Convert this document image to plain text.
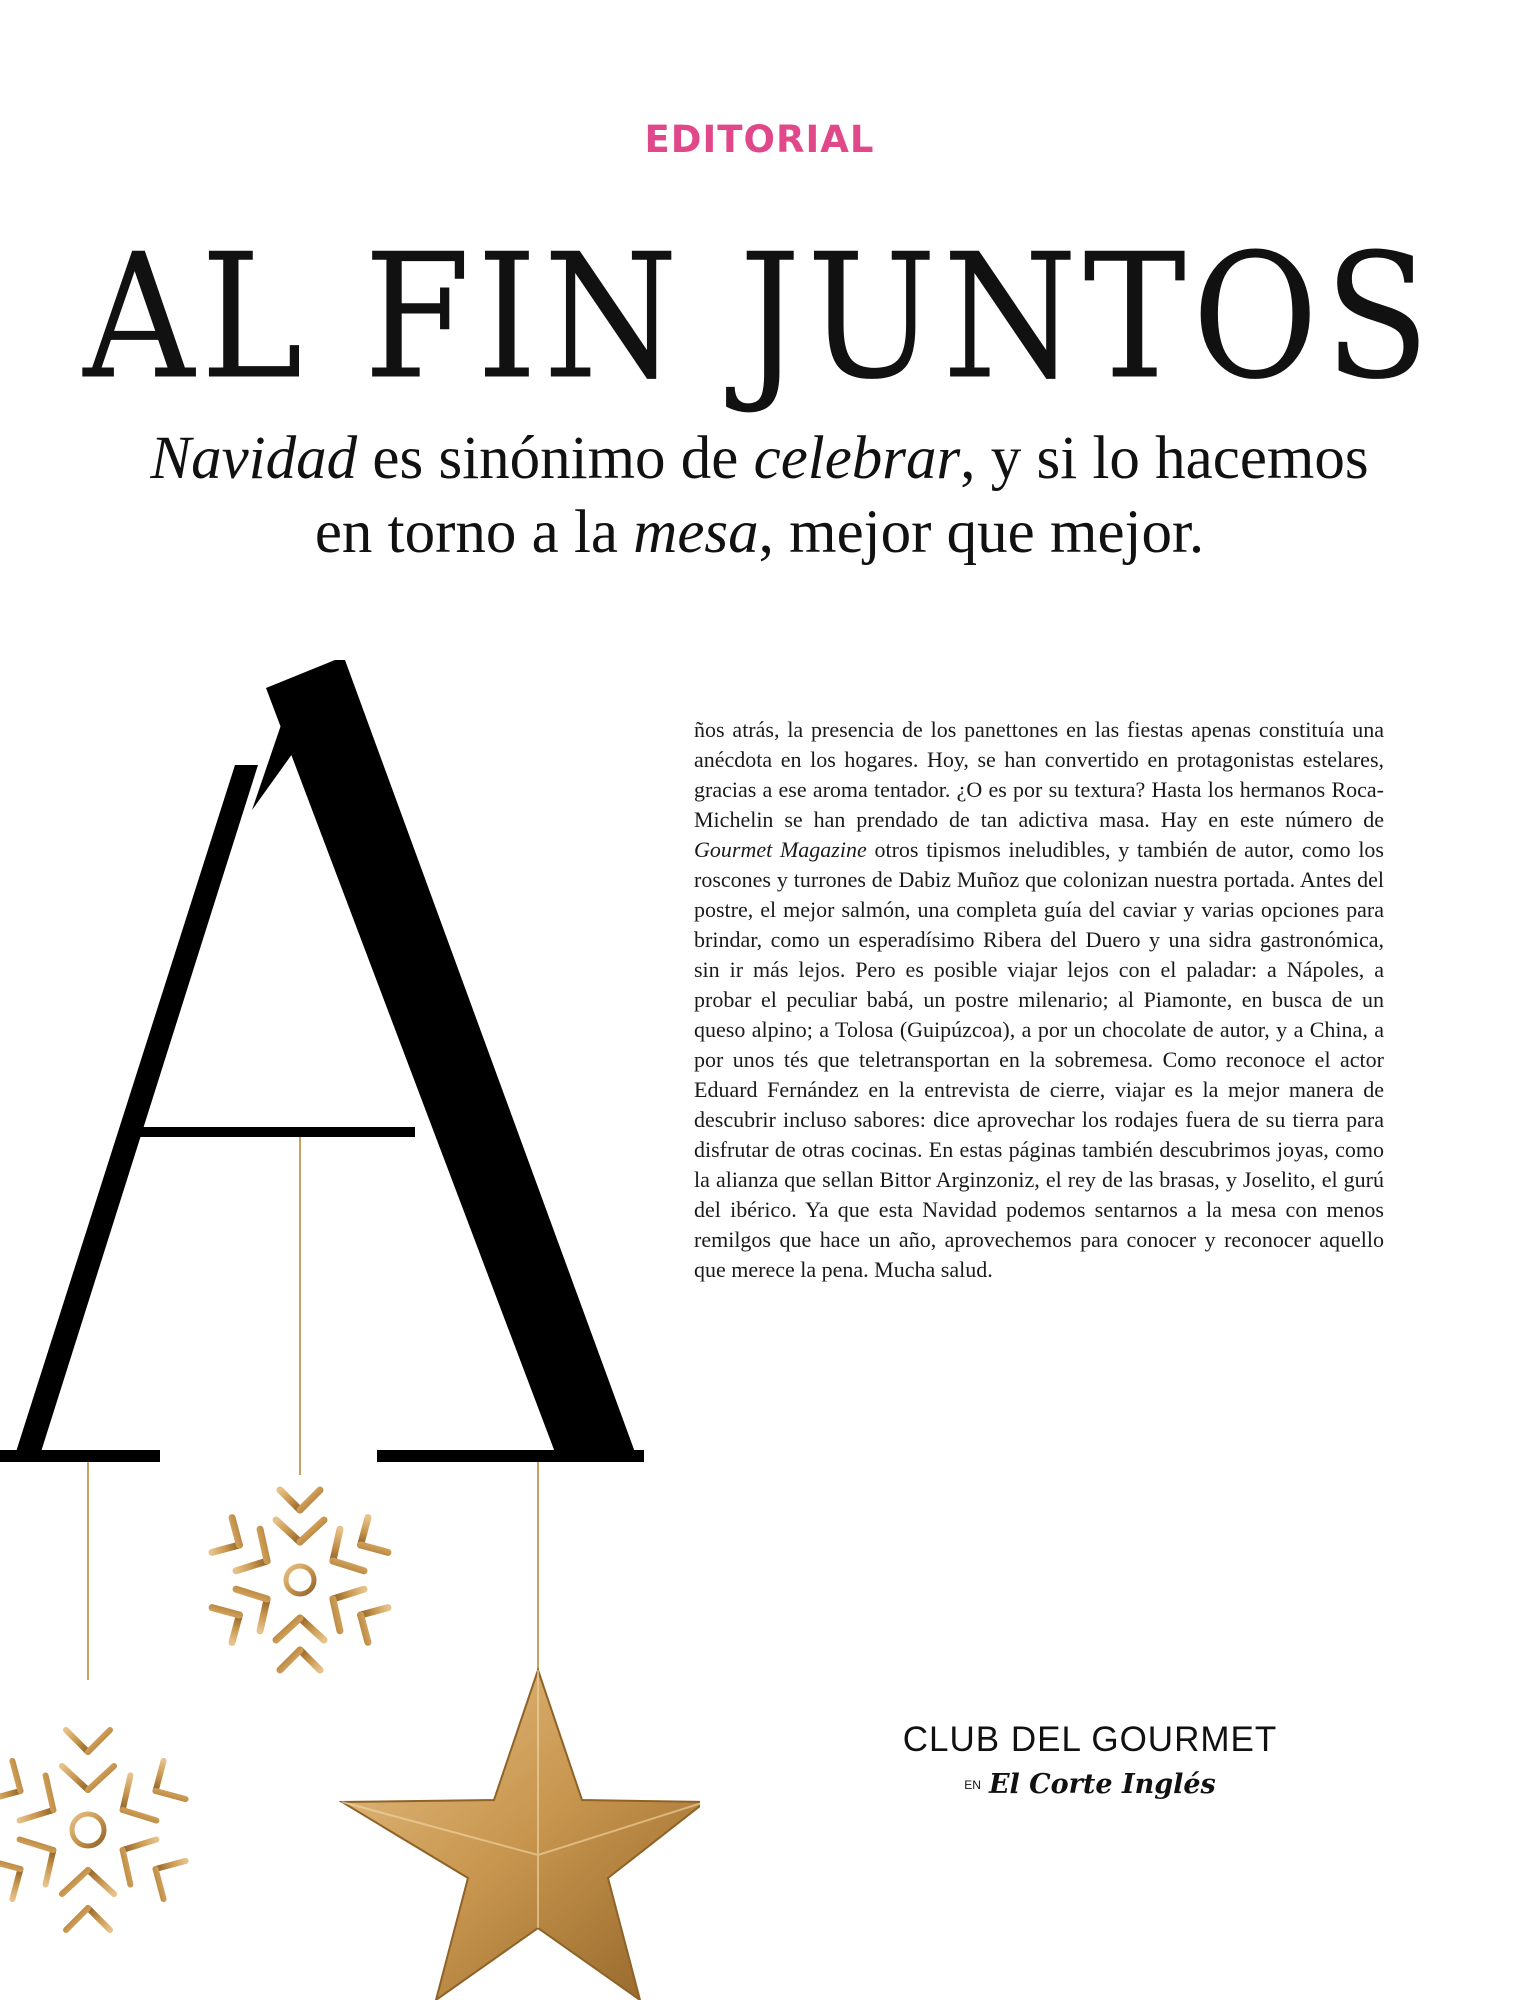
EDITORIAL
AL FIN JUNTOS
Navidad es sinónimo de celebrar, y si lo hacemos
en torno a la mesa, mejor que mejor.

ños atrás, la presencia de los panettones en las fiestas apenas constituía una anécdota en los hogares. Hoy, se han convertido en protagonistas estelares, gracias a ese aroma tentador. ¿O es por su textura? Hasta los hermanos Roca-Michelin se han prendado de tan adictiva masa. Hay en este número de Gourmet Magazine otros tipismos ineludibles, y también de autor, como los roscones y turrones de Dabiz Muñoz que colonizan nuestra portada. Antes del postre, el mejor salmón, una completa guía del caviar y varias opciones para brindar, como un esperadísimo Ribera del Duero y una sidra gastronómica, sin ir más lejos. Pero es posible viajar lejos con el paladar: a Nápoles, a probar el peculiar babá, un postre milenario; al Piamonte, en busca de un queso alpino; a Tolosa (Guipúzcoa), a por un chocolate de autor, y a China, a por unos tés que teletransportan en la sobremesa. Como reconoce el actor Eduard Fernández en la entrevista de cierre, viajar es la mejor manera de descubrir incluso sabores: dice aprovechar los rodajes fuera de su tierra para disfrutar de otras cocinas. En estas páginas también descubrimos joyas, como la alianza que sellan Bittor Arginzoniz, el rey de las brasas, y Joselito, el gurú del ibérico. Ya que esta Navidad podemos sentarnos a la mesa con menos remilgos que hace un año, aprovechemos para conocer y reconocer aquello que merece la pena. Mucha salud.

CLUB DEL GOURMET
EN El Corte Inglés
